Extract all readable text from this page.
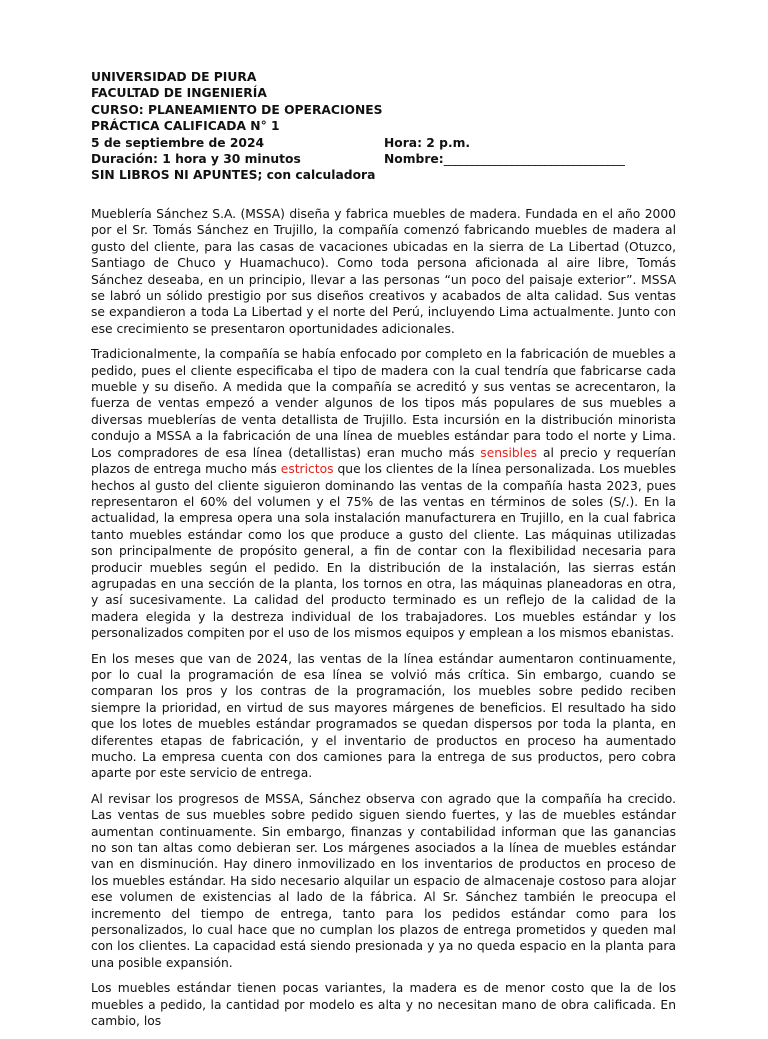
UNIVERSIDAD DE PIURA
FACULTAD DE INGENIERÍA
CURSO: PLANEAMIENTO DE OPERACIONES
PRÁCTICA CALIFICADA N° 1
5 de septiembre de 2024	Hora: 2 p.m.
Duración: 1 hora y 30 minutos	Nombre:________________________________
SIN LIBROS NI APUNTES; con calculadora

Mueblería Sánchez S.A. (MSSA) diseña y fabrica muebles de madera. Fundada en el año 2000 por el Sr. Tomás Sánchez en Trujillo, la compañía comenzó fabricando muebles de madera al gusto del cliente, para las casas de vacaciones ubicadas en la sierra de La Libertad (Otuzco, Santiago de Chuco y Huamachuco). Como toda persona aficionada al aire libre, Tomás Sánchez deseaba, en un principio, llevar a las personas “un poco del paisaje exterior”. MSSA se labró un sólido prestigio por sus diseños creativos y acabados de alta calidad. Sus ventas se expandieron a toda La Libertad y el norte del Perú, incluyendo Lima actualmente. Junto con ese crecimiento se presentaron oportunidades adicionales.

Tradicionalmente, la compañía se había enfocado por completo en la fabricación de muebles a pedido, pues el cliente especificaba el tipo de madera con la cual tendría que fabricarse cada mueble y su diseño. A medida que la compañía se acreditó y sus ventas se acrecentaron, la fuerza de ventas empezó a vender algunos de los tipos más populares de sus muebles a diversas mueblerías de venta detallista de Trujillo. Esta incursión en la distribución minorista condujo a MSSA a la fabricación de una línea de muebles estándar para todo el norte y Lima. Los compradores de esa línea (detallistas) eran mucho más sensibles al precio y requerían plazos de entrega mucho más estrictos que los clientes de la línea personalizada. Los muebles hechos al gusto del cliente siguieron dominando las ventas de la compañía hasta 2023, pues representaron el 60% del volumen y el 75% de las ventas en términos de soles (S/.). En la actualidad, la empresa opera una sola instalación manufacturera en Trujillo, en la cual fabrica tanto muebles estándar como los que produce a gusto del cliente. Las máquinas utilizadas son principalmente de propósito general, a fin de contar con la flexibilidad necesaria para producir muebles según el pedido. En la distribución de la instalación, las sierras están agrupadas en una sección de la planta, los tornos en otra, las máquinas planeadoras en otra, y así sucesivamente. La calidad del producto terminado es un reflejo de la calidad de la madera elegida y la destreza individual de los trabajadores. Los muebles estándar y los personalizados compiten por el uso de los mismos equipos y emplean a los mismos ebanistas.

En los meses que van de 2024, las ventas de la línea estándar aumentaron continuamente, por lo cual la programación de esa línea se volvió más crítica. Sin embargo, cuando se comparan los pros y los contras de la programación, los muebles sobre pedido reciben siempre la prioridad, en virtud de sus mayores márgenes de beneficios. El resultado ha sido que los lotes de muebles estándar programados se quedan dispersos por toda la planta, en diferentes etapas de fabricación, y el inventario de productos en proceso ha aumentado mucho. La empresa cuenta con dos camiones para la entrega de sus productos, pero cobra aparte por este servicio de entrega.

Al revisar los progresos de MSSA, Sánchez observa con agrado que la compañía ha crecido. Las ventas de sus muebles sobre pedido siguen siendo fuertes, y las de muebles estándar aumentan continuamente. Sin embargo, finanzas y contabilidad informan que las ganancias no son tan altas como debieran ser. Los márgenes asociados a la línea de muebles estándar van en disminución. Hay dinero inmovilizado en los inventarios de productos en proceso de los muebles estándar. Ha sido necesario alquilar un espacio de almacenaje costoso para alojar ese volumen de existencias al lado de la fábrica. Al Sr. Sánchez también le preocupa el incremento del tiempo de entrega, tanto para los pedidos estándar como para los personalizados, lo cual hace que no cumplan los plazos de entrega prometidos y queden mal con los clientes. La capacidad está siendo presionada y ya no queda espacio en la planta para una posible expansión.

Los muebles estándar tienen pocas variantes, la madera es de menor costo que la de los muebles a pedido, la cantidad por modelo es alta y no necesitan mano de obra calificada. En cambio, los
